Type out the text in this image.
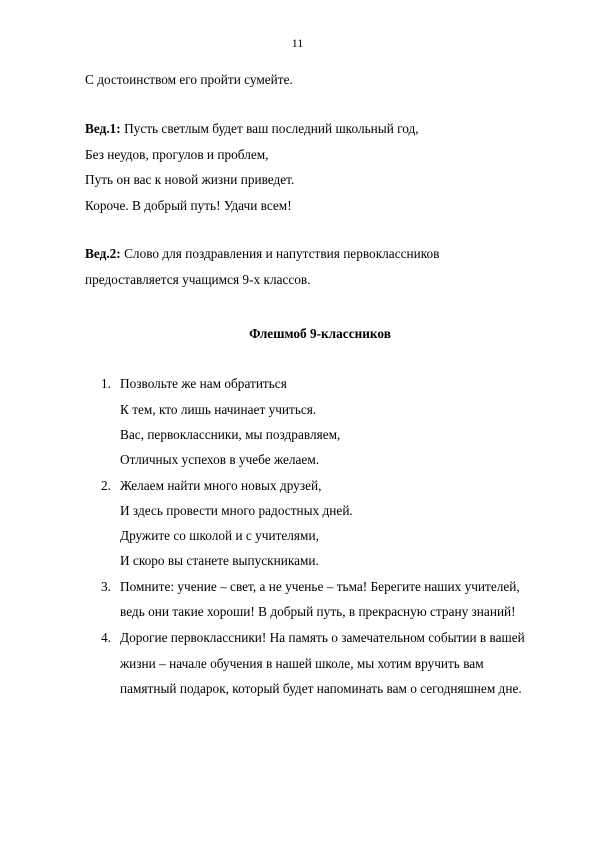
11
С достоинством его пройти сумейте.
Вед.1: Пусть светлым будет ваш последний школьный год,
Без неудов, прогулов и проблем,
Путь он вас к новой жизни приведет.
Короче. В добрый путь! Удачи всем!
Вед.2: Слово для поздравления и напутствия первоклассников
предоставляется учащимся 9-х классов.
Флешмоб 9-классников
1. Позвольте же нам обратиться
К тем, кто лишь начинает учиться.
Вас, первоклассники, мы поздравляем,
Отличных успехов в учебе желаем.
2. Желаем найти много новых друзей,
И здесь провести много радостных дней.
Дружите со школой и с учителями,
И скоро вы станете выпускниками.
3. Помните: учение – свет, а не ученье – тьма! Берегите наших учителей,
ведь они такие хороши! В добрый путь, в прекрасную страну знаний!
4. Дорогие первоклассники! На память о замечательном событии в вашей
жизни – начале обучения в нашей школе, мы хотим вручить вам
памятный подарок, который будет напоминать вам о сегодняшнем дне.
